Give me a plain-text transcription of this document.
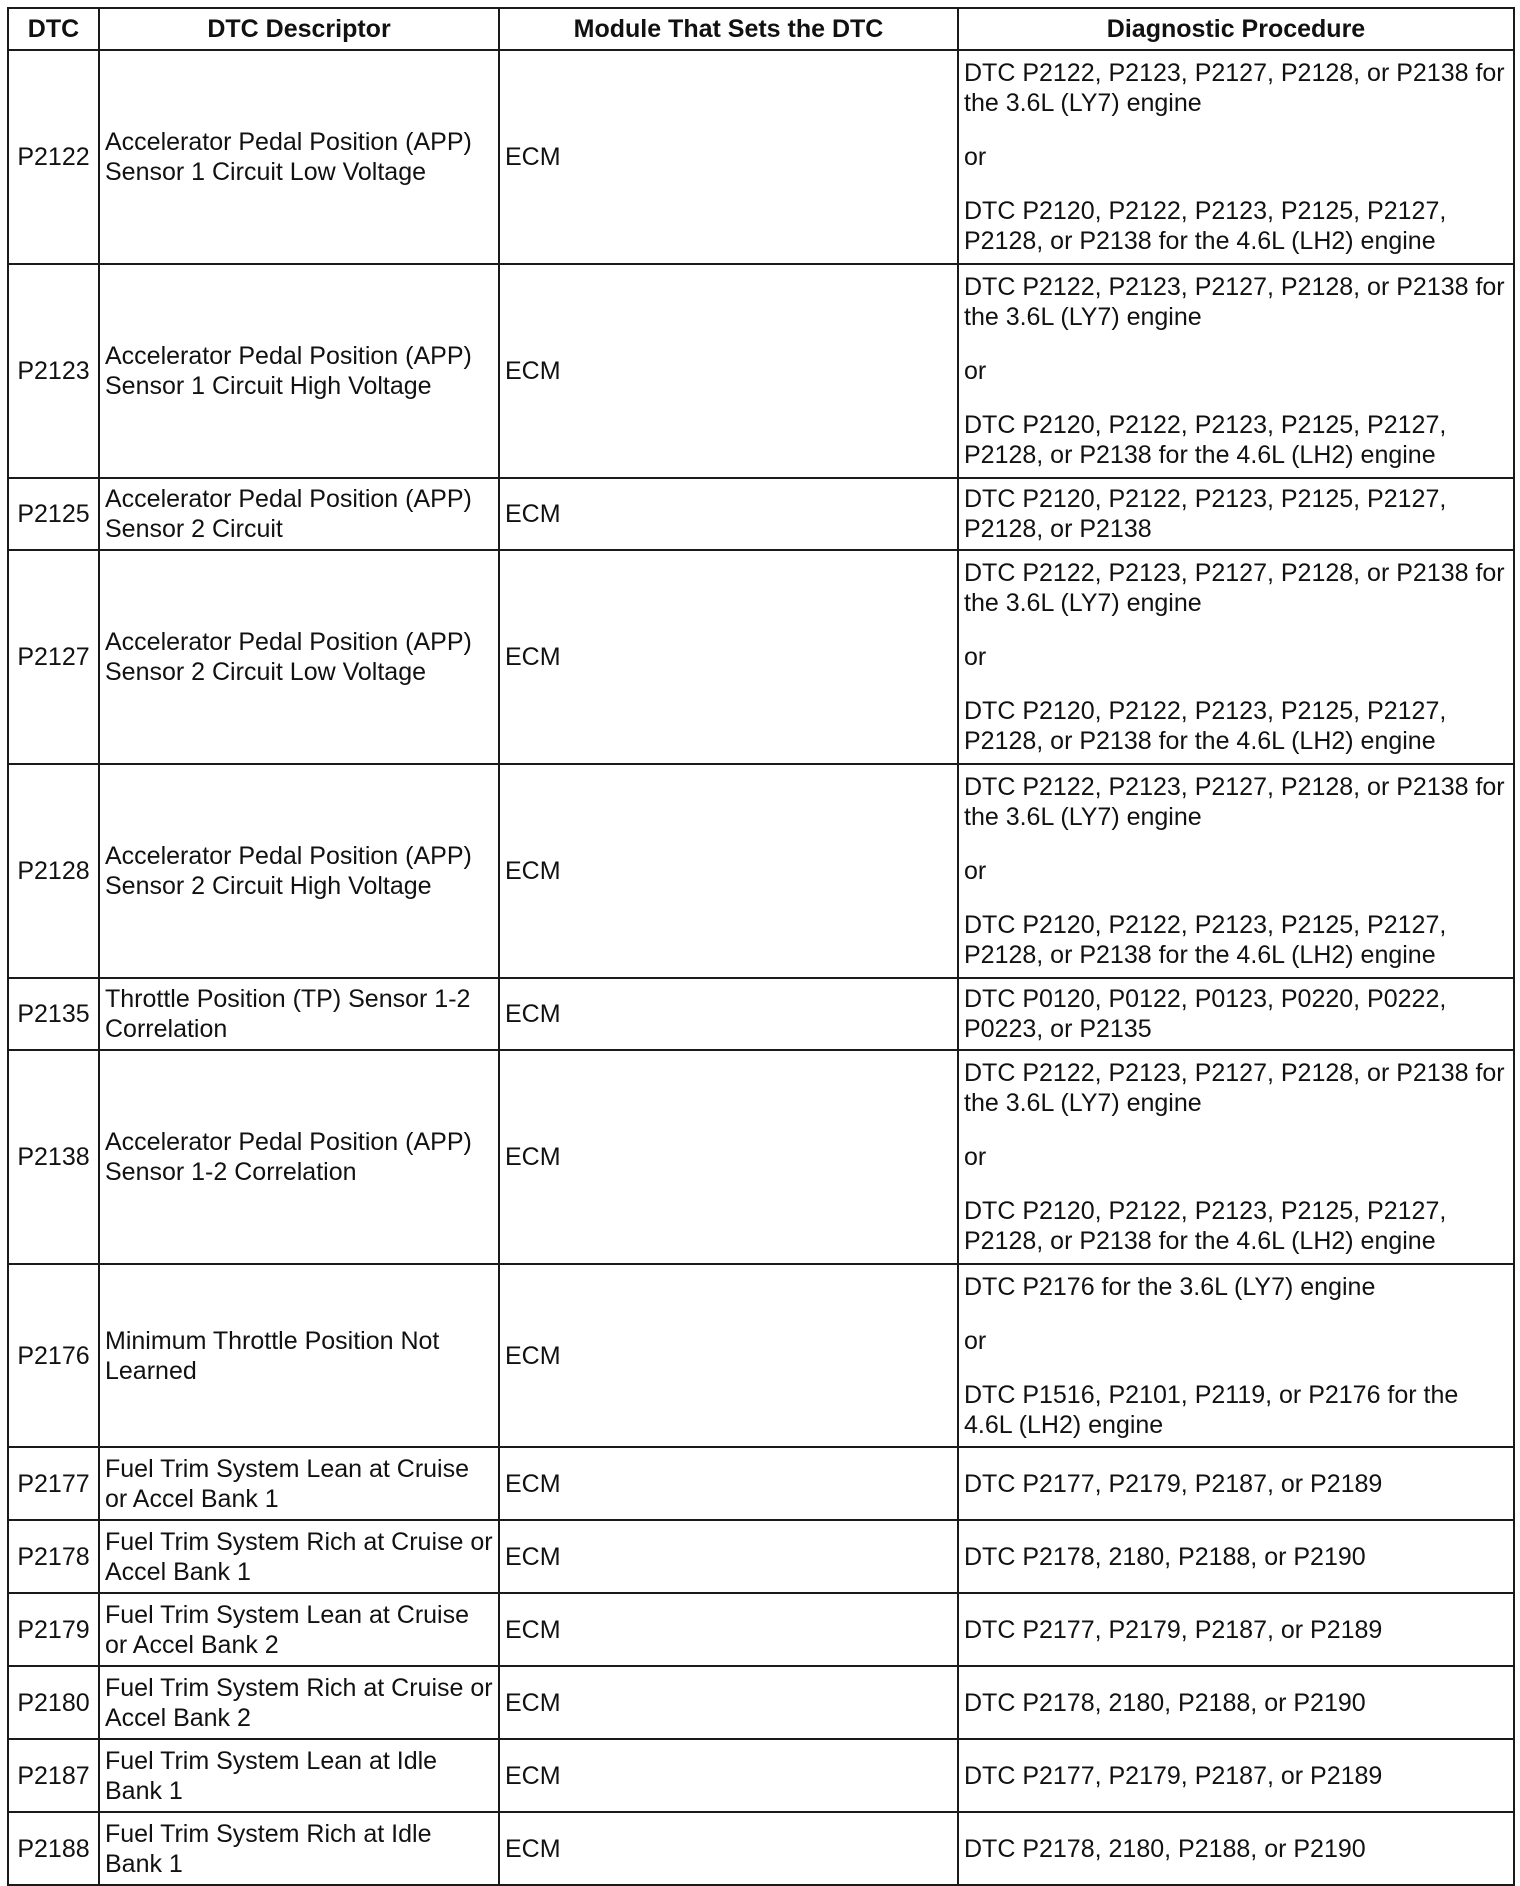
DTC	DTC Descriptor	Module That Sets the DTC	Diagnostic Procedure
P2122	Accelerator Pedal Position (APP) Sensor 1 Circuit Low Voltage	ECM	DTC P2122, P2123, P2127, P2128, or P2138 for the 3.6L (LY7) engine
or
DTC P2120, P2122, P2123, P2125, P2127, P2128, or P2138 for the 4.6L (LH2) engine

P2123	Accelerator Pedal Position (APP) Sensor 1 Circuit High Voltage	ECM	DTC P2122, P2123, P2127, P2128, or P2138 for the 3.6L (LY7) engine
or
DTC P2120, P2122, P2123, P2125, P2127, P2128, or P2138 for the 4.6L (LH2) engine

P2125	Accelerator Pedal Position (APP) Sensor 2 Circuit	ECM	DTC P2120, P2122, P2123, P2125, P2127, P2128, or P2138

P2127	Accelerator Pedal Position (APP) Sensor 2 Circuit Low Voltage	ECM	DTC P2122, P2123, P2127, P2128, or P2138 for the 3.6L (LY7) engine
or
DTC P2120, P2122, P2123, P2125, P2127, P2128, or P2138 for the 4.6L (LH2) engine

P2128	Accelerator Pedal Position (APP) Sensor 2 Circuit High Voltage	ECM	DTC P2122, P2123, P2127, P2128, or P2138 for the 3.6L (LY7) engine
or
DTC P2120, P2122, P2123, P2125, P2127, P2128, or P2138 for the 4.6L (LH2) engine

P2135	Throttle Position (TP) Sensor 1-2 Correlation	ECM	DTC P0120, P0122, P0123, P0220, P0222, P0223, or P2135

P2138	Accelerator Pedal Position (APP) Sensor 1-2 Correlation	ECM	DTC P2122, P2123, P2127, P2128, or P2138 for the 3.6L (LY7) engine
or
DTC P2120, P2122, P2123, P2125, P2127, P2128, or P2138 for the 4.6L (LH2) engine

P2176	Minimum Throttle Position Not Learned	ECM	DTC P2176 for the 3.6L (LY7) engine
or
DTC P1516, P2101, P2119, or P2176 for the 4.6L (LH2) engine

P2177	Fuel Trim System Lean at Cruise or Accel Bank 1	ECM	DTC P2177, P2179, P2187, or P2189

P2178	Fuel Trim System Rich at Cruise or Accel Bank 1	ECM	DTC P2178, 2180, P2188, or P2190

P2179	Fuel Trim System Lean at Cruise or Accel Bank 2	ECM	DTC P2177, P2179, P2187, or P2189

P2180	Fuel Trim System Rich at Cruise or Accel Bank 2	ECM	DTC P2178, 2180, P2188, or P2190

P2187	Fuel Trim System Lean at Idle Bank 1	ECM	DTC P2177, P2179, P2187, or P2189

P2188	Fuel Trim System Rich at Idle Bank 1	ECM	DTC P2178, 2180, P2188, or P2190
